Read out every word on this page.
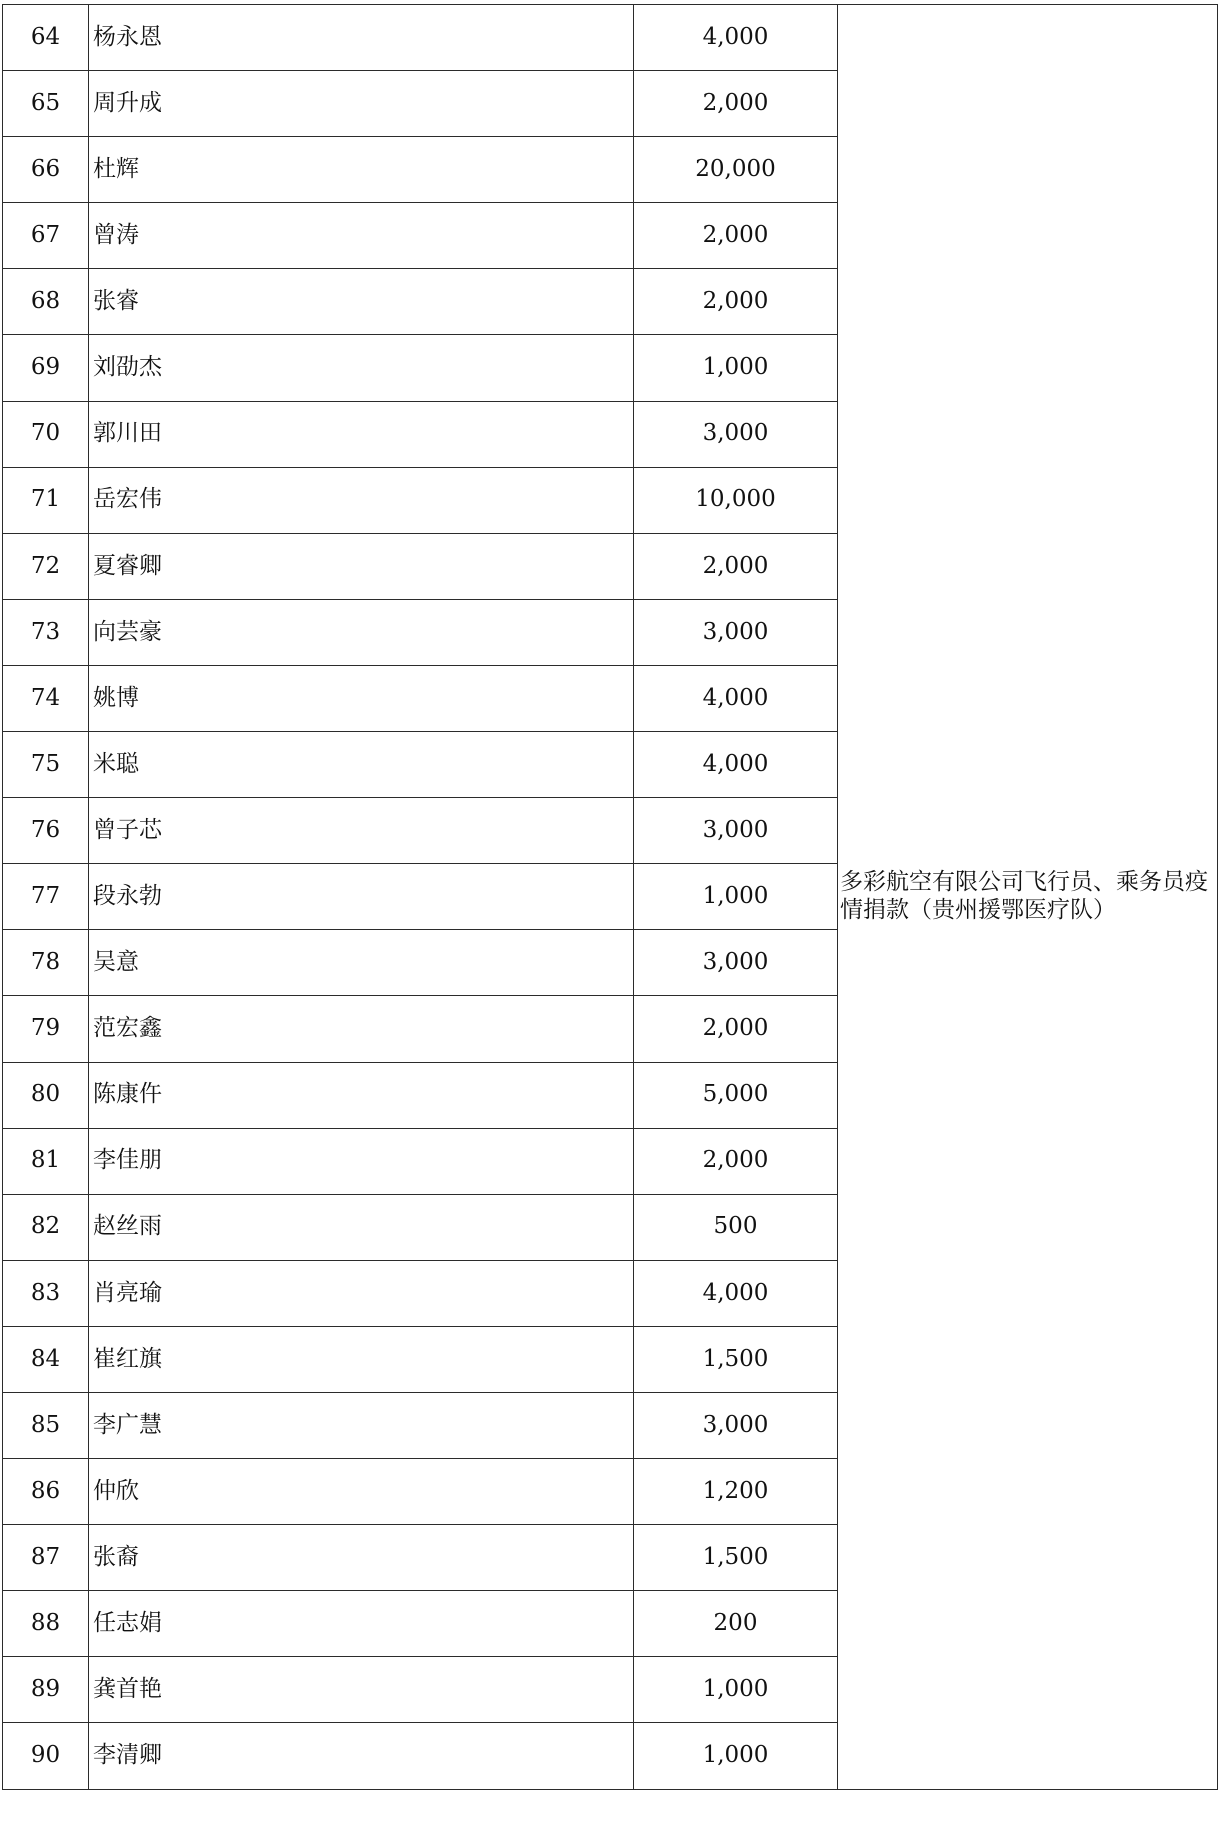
64	杨永恩	4,000	多彩航空有限公司飞行员、乘务员疫情捐款（贵州援鄂医疗队）
65	周升成	2,000	
66	杜辉	20,000	
67	曾涛	2,000	
68	张睿	2,000	
69	刘劭杰	1,000	
70	郭川田	3,000	
71	岳宏伟	10,000	
72	夏睿卿	2,000	
73	向芸豪	3,000	
74	姚博	4,000	
75	米聪	4,000	
76	曾子芯	3,000	
77	段永勃	1,000	
78	吴意	3,000	
79	范宏鑫	2,000	
80	陈康仵	5,000	
81	李佳朋	2,000	
82	赵丝雨	500	
83	肖亮瑜	4,000	
84	崔红旗	1,500	
85	李广慧	3,000	
86	仲欣	1,200	
87	张裔	1,500	
88	任志娟	200	
89	龚首艳	1,000	
90	李清卿	1,000	
